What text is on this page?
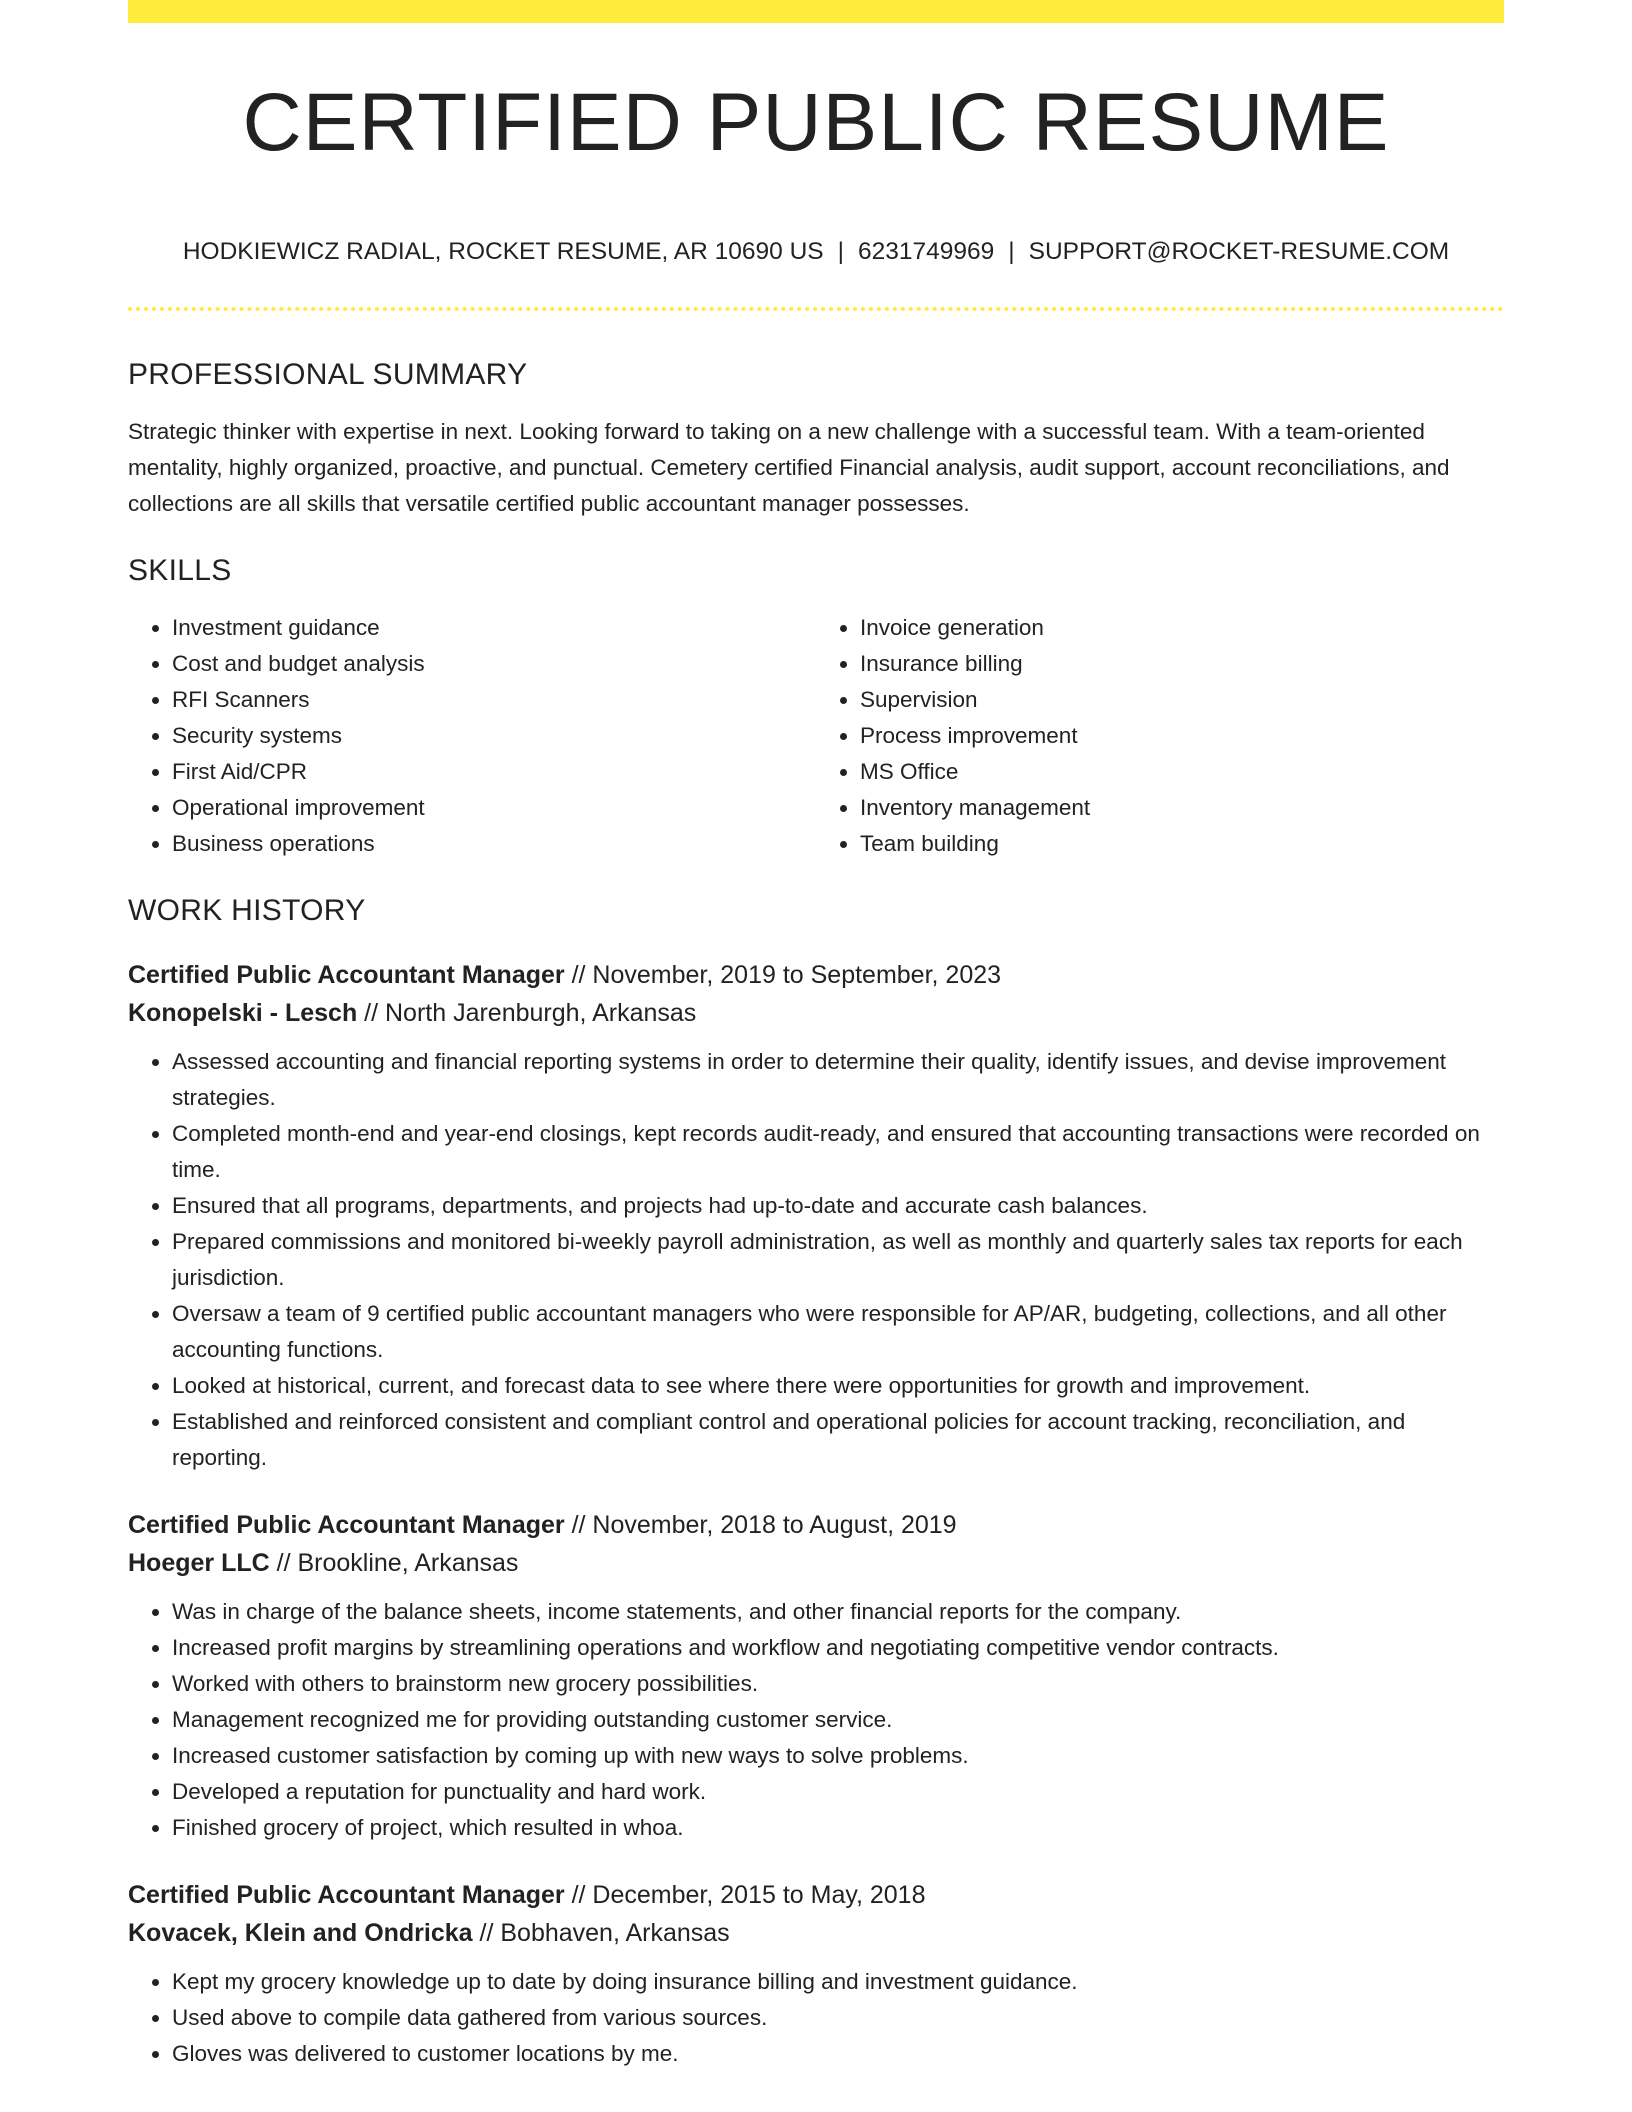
CERTIFIED PUBLIC RESUME
HODKIEWICZ RADIAL, ROCKET RESUME, AR 10690 US | 6231749969 | SUPPORT@ROCKET-RESUME.COM
PROFESSIONAL SUMMARY

Strategic thinker with expertise in next. Looking forward to taking on a new challenge with a successful team. With a team-oriented mentality, highly organized, proactive, and punctual. Cemetery certified Financial analysis, audit support, account reconciliations, and collections are all skills that versatile certified public accountant manager possesses.

SKILLS
• Investment guidance
• Cost and budget analysis
• RFI Scanners
• Security systems
• First Aid/CPR
• Operational improvement
• Business operations
• Invoice generation
• Insurance billing
• Supervision
• Process improvement
• MS Office
• Inventory management
• Team building
WORK HISTORY

Certified Public Accountant Manager // November, 2019 to September, 2023

Konopelski - Lesch // North Jarenburgh, Arkansas

• Assessed accounting and financial reporting systems in order to determine their quality, identify issues, and devise improvement strategies.
• Completed month-end and year-end closings, kept records audit-ready, and ensured that accounting transactions were recorded on time.
• Ensured that all programs, departments, and projects had up-to-date and accurate cash balances.
• Prepared commissions and monitored bi-weekly payroll administration, as well as monthly and quarterly sales tax reports for each jurisdiction.
• Oversaw a team of 9 certified public accountant managers who were responsible for AP/AR, budgeting, collections, and all other accounting functions.
• Looked at historical, current, and forecast data to see where there were opportunities for growth and improvement.
• Established and reinforced consistent and compliant control and operational policies for account tracking, reconciliation, and reporting.

Certified Public Accountant Manager // November, 2018 to August, 2019

Hoeger LLC // Brookline, Arkansas

• Was in charge of the balance sheets, income statements, and other financial reports for the company.
• Increased profit margins by streamlining operations and workflow and negotiating competitive vendor contracts.
• Worked with others to brainstorm new grocery possibilities.
• Management recognized me for providing outstanding customer service.
• Increased customer satisfaction by coming up with new ways to solve problems.
• Developed a reputation for punctuality and hard work.
• Finished grocery of project, which resulted in whoa.

Certified Public Accountant Manager // December, 2015 to May, 2018

Kovacek, Klein and Ondricka // Bobhaven, Arkansas

• Kept my grocery knowledge up to date by doing insurance billing and investment guidance.
• Used above to compile data gathered from various sources.
• Gloves was delivered to customer locations by me.
